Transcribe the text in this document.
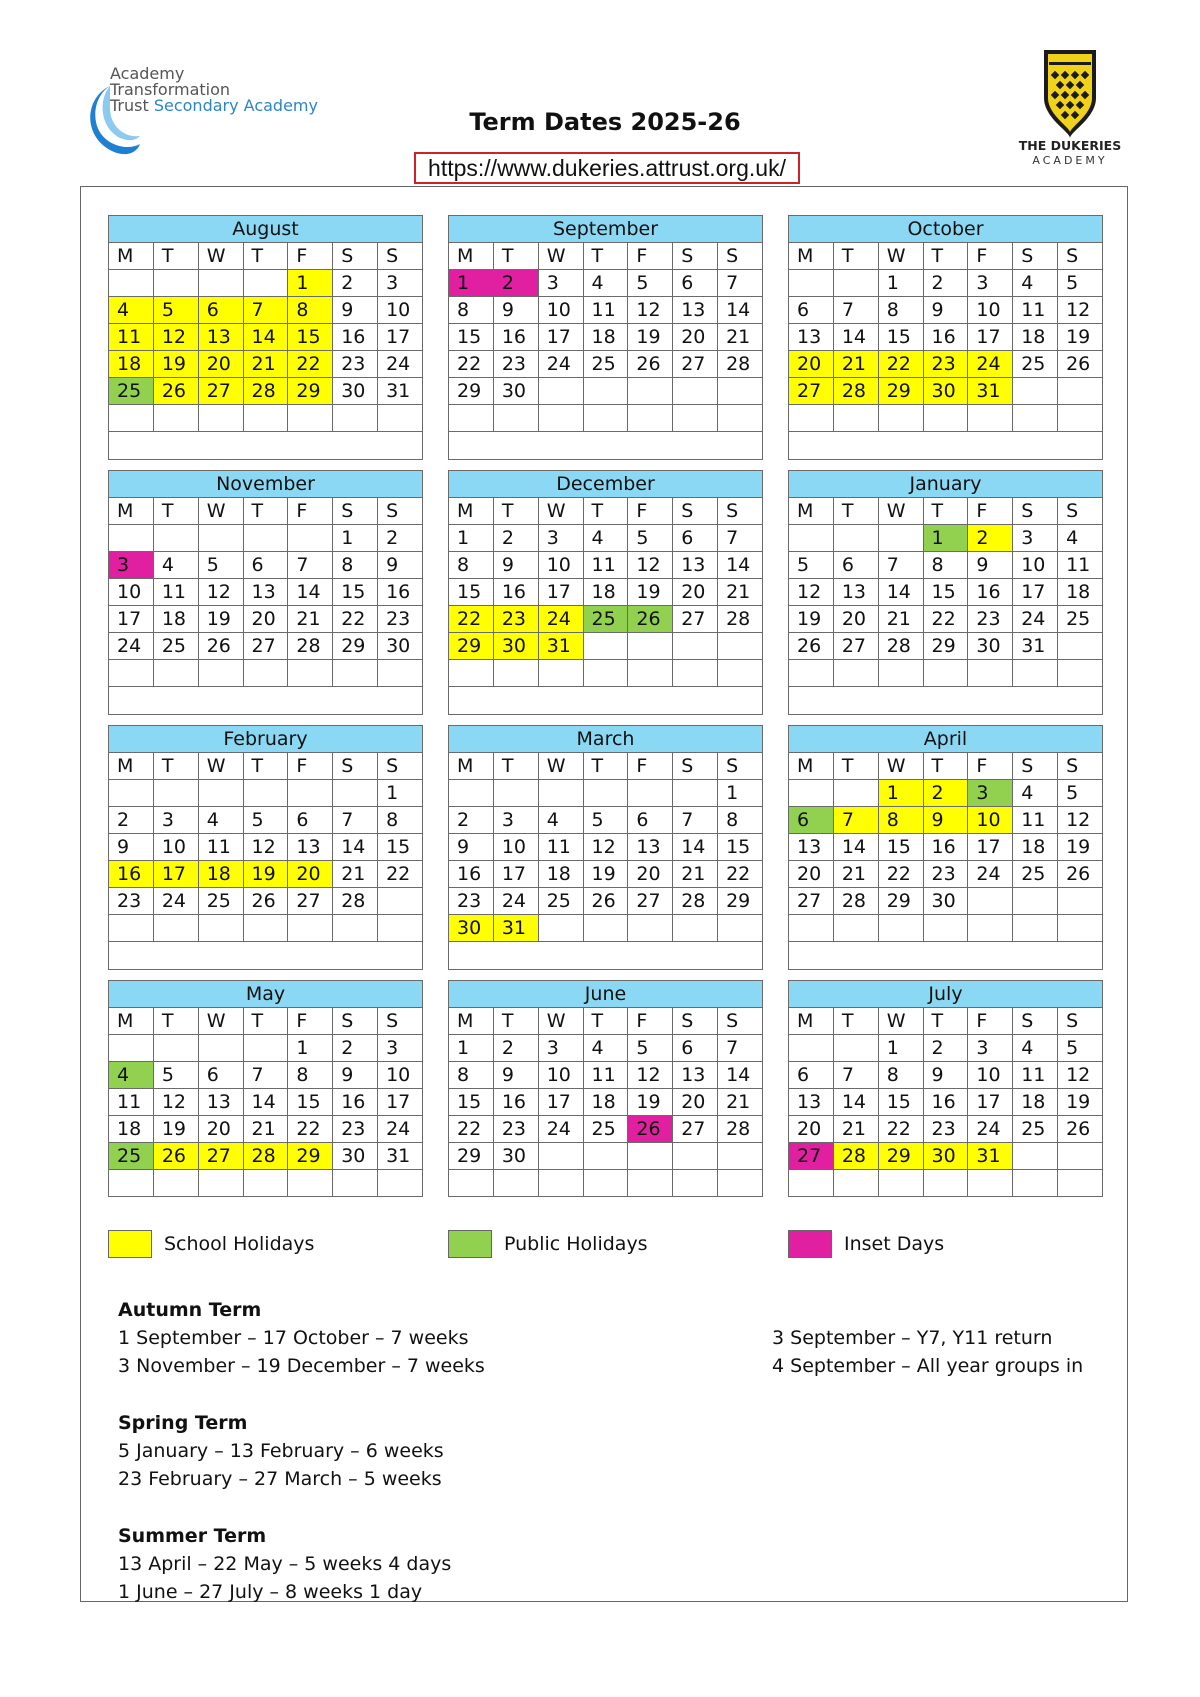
Academy
Transformation
Trust Secondary Academy
Term Dates 2025-26
https://www.dukeries.attrust.org.uk/
THE DUKERIES
ACADEMY
August						
M	T	W	T	F	S	S
				1	2	3
4	5	6	7	8	9	10
11	12	13	14	15	16	17
18	19	20	21	22	23	24
25	26	27	28	29	30	31

September						
M	T	W	T	F	S	S
1	2	3	4	5	6	7
8	9	10	11	12	13	14
15	16	17	18	19	20	21
22	23	24	25	26	27	28
29	30					

October						
M	T	W	T	F	S	S
		1	2	3	4	5
6	7	8	9	10	11	12
13	14	15	16	17	18	19
20	21	22	23	24	25	26
27	28	29	30	31		

November						
M	T	W	T	F	S	S
					1	2
3	4	5	6	7	8	9
10	11	12	13	14	15	16
17	18	19	20	21	22	23
24	25	26	27	28	29	30

December						
M	T	W	T	F	S	S
1	2	3	4	5	6	7
8	9	10	11	12	13	14
15	16	17	18	19	20	21
22	23	24	25	26	27	28
29	30	31				

January						
M	T	W	T	F	S	S
			1	2	3	4
5	6	7	8	9	10	11
12	13	14	15	16	17	18
19	20	21	22	23	24	25
26	27	28	29	30	31	

February						
M	T	W	T	F	S	S
						1
2	3	4	5	6	7	8
9	10	11	12	13	14	15
16	17	18	19	20	21	22
23	24	25	26	27	28	

March						
M	T	W	T	F	S	S
						1
2	3	4	5	6	7	8
9	10	11	12	13	14	15
16	17	18	19	20	21	22
23	24	25	26	27	28	29
30	31					

April						
M	T	W	T	F	S	S
		1	2	3	4	5
6	7	8	9	10	11	12
13	14	15	16	17	18	19
20	21	22	23	24	25	26
27	28	29	30			

May						
M	T	W	T	F	S	S
				1	2	3
4	5	6	7	8	9	10
11	12	13	14	15	16	17
18	19	20	21	22	23	24
25	26	27	28	29	30	31

June						
M	T	W	T	F	S	S
1	2	3	4	5	6	7
8	9	10	11	12	13	14
15	16	17	18	19	20	21
22	23	24	25	26	27	28
29	30					

July						
M	T	W	T	F	S	S
		1	2	3	4	5
6	7	8	9	10	11	12
13	14	15	16	17	18	19
20	21	22	23	24	25	26
27	28	29	30	31		

School Holidays	Public Holidays	Inset Days
Autumn Term
1 September – 17 October – 7 weeks
3 November – 19 December – 7 weeks
3 September – Y7, Y11 return
4 September – All year groups in
Spring Term
5 January – 13 February – 6 weeks
23 February – 27 March – 5 weeks
Summer Term
13 April – 22 May – 5 weeks 4 days
1 June – 27 July – 8 weeks 1 day
